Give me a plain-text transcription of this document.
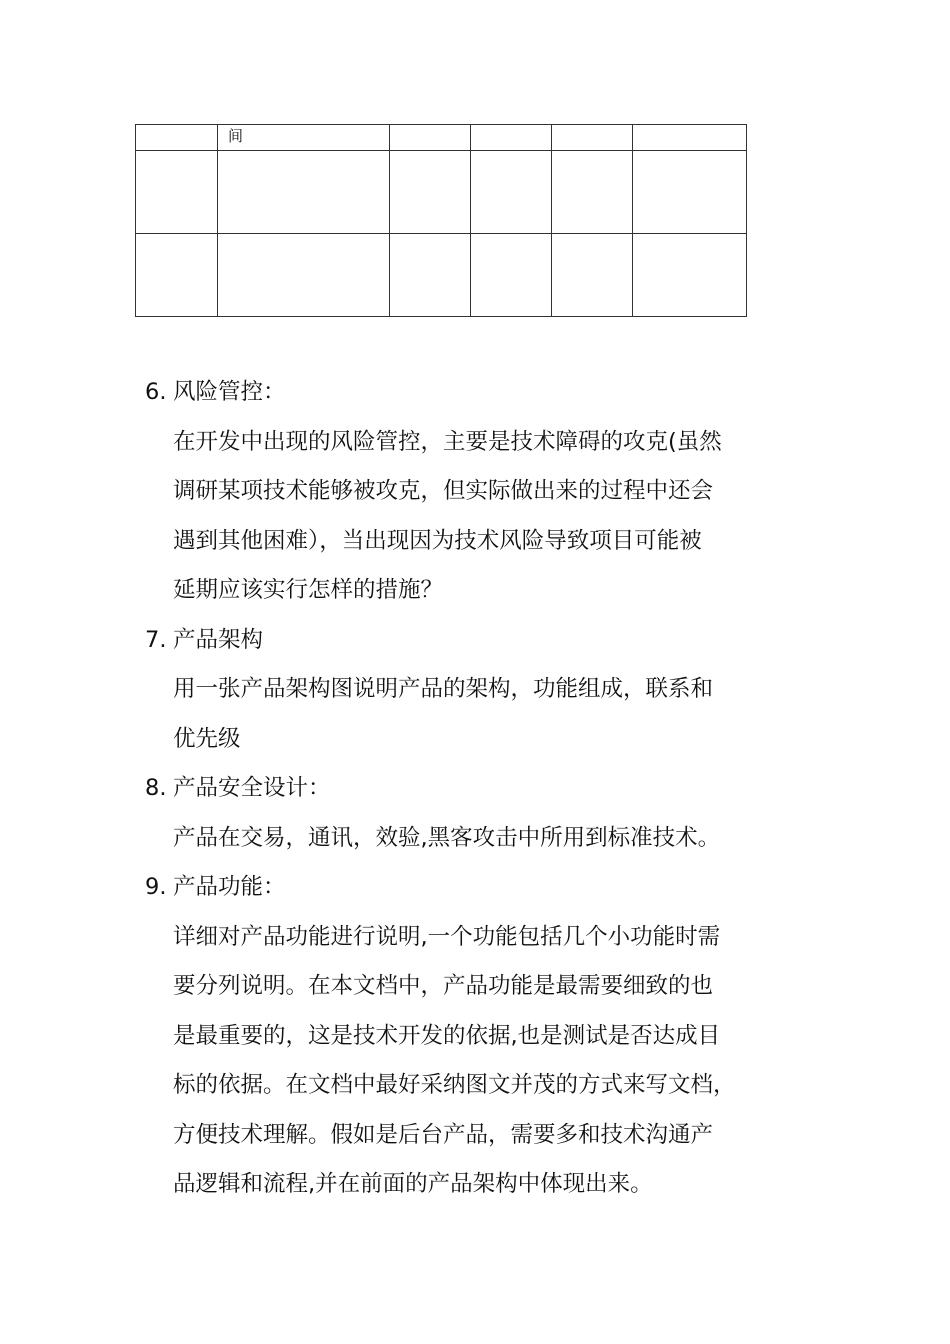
	间				

6. 风险管控：
在开发中出现的风险管控，主要是技术障碍的攻克(虽然
调研某项技术能够被攻克，但实际做出来的过程中还会
遇到其他困难），当出现因为技术风险导致项目可能被
延期应该实行怎样的措施？
7. 产品架构
用一张产品架构图说明产品的架构，功能组成，联系和
优先级
8. 产品安全设计：
产品在交易，通讯，效验,黑客攻击中所用到标准技术。
9. 产品功能：
详细对产品功能进行说明,一个功能包括几个小功能时需
要分列说明。在本文档中，产品功能是最需要细致的也
是最重要的，这是技术开发的依据,也是测试是否达成目
标的依据。在文档中最好采纳图文并茂的方式来写文档，
方便技术理解。假如是后台产品，需要多和技术沟通产
品逻辑和流程,并在前面的产品架构中体现出来。
